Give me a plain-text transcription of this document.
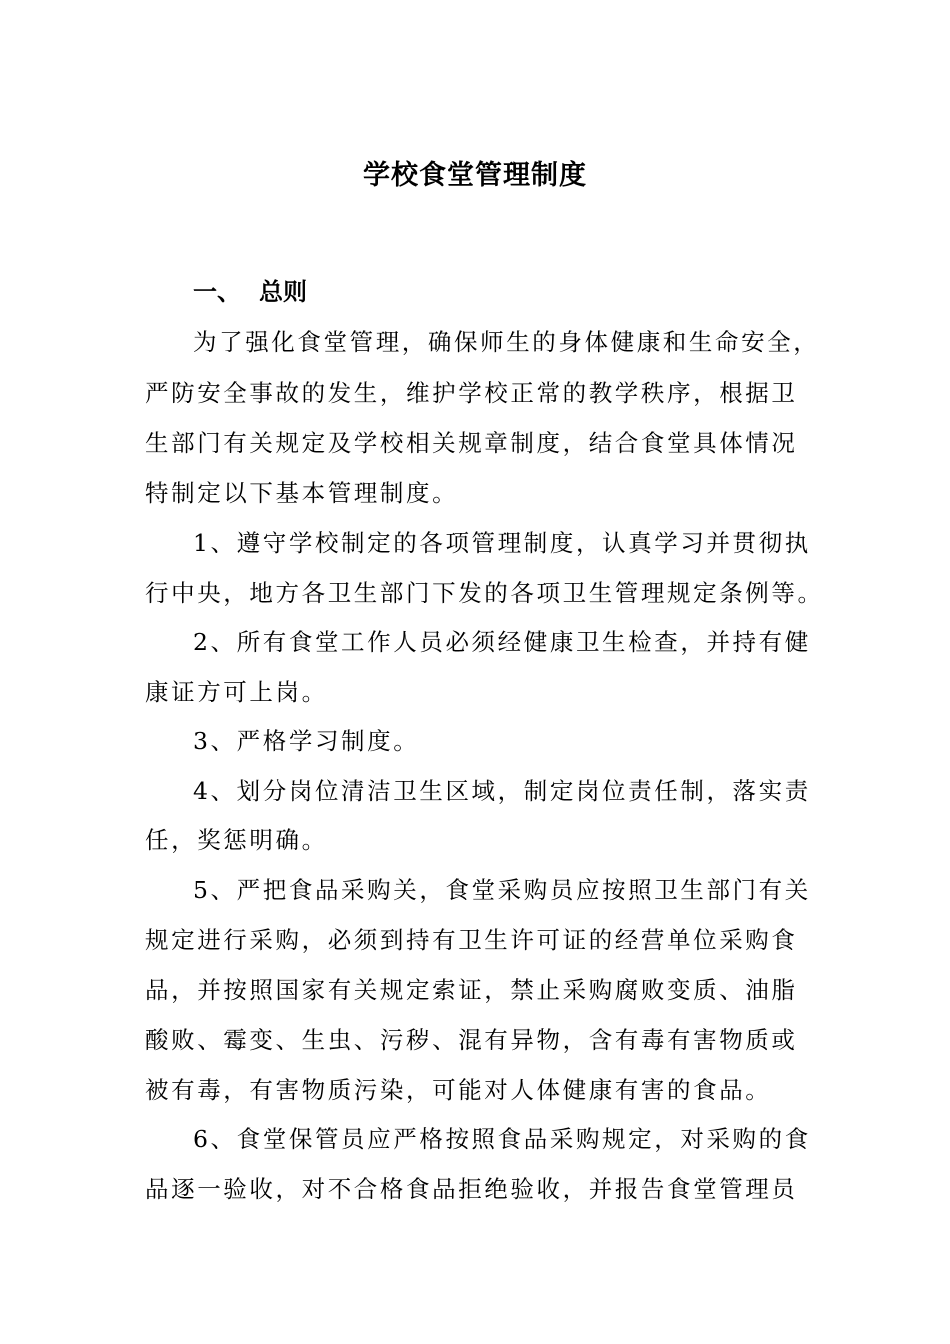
学校食堂管理制度
一、 总则
为了强化食堂管理，确保师生的身体健康和生命安全，
严防安全事故的发生，维护学校正常的教学秩序，根据卫
生部门有关规定及学校相关规章制度，结合食堂具体情况
特制定以下基本管理制度。
1、遵守学校制定的各项管理制度，认真学习并贯彻执
行中央，地方各卫生部门下发的各项卫生管理规定条例等。
2、所有食堂工作人员必须经健康卫生检查，并持有健
康证方可上岗。
3、严格学习制度。
4、划分岗位清洁卫生区域，制定岗位责任制，落实责
任，奖惩明确。
5、严把食品采购关，食堂采购员应按照卫生部门有关
规定进行采购，必须到持有卫生许可证的经营单位采购食
品，并按照国家有关规定索证，禁止采购腐败变质、油脂
酸败、霉变、生虫、污秽、混有异物，含有毒有害物质或
被有毒，有害物质污染，可能对人体健康有害的食品。
6、食堂保管员应严格按照食品采购规定，对采购的食
品逐一验收，对不合格食品拒绝验收，并报告食堂管理员
